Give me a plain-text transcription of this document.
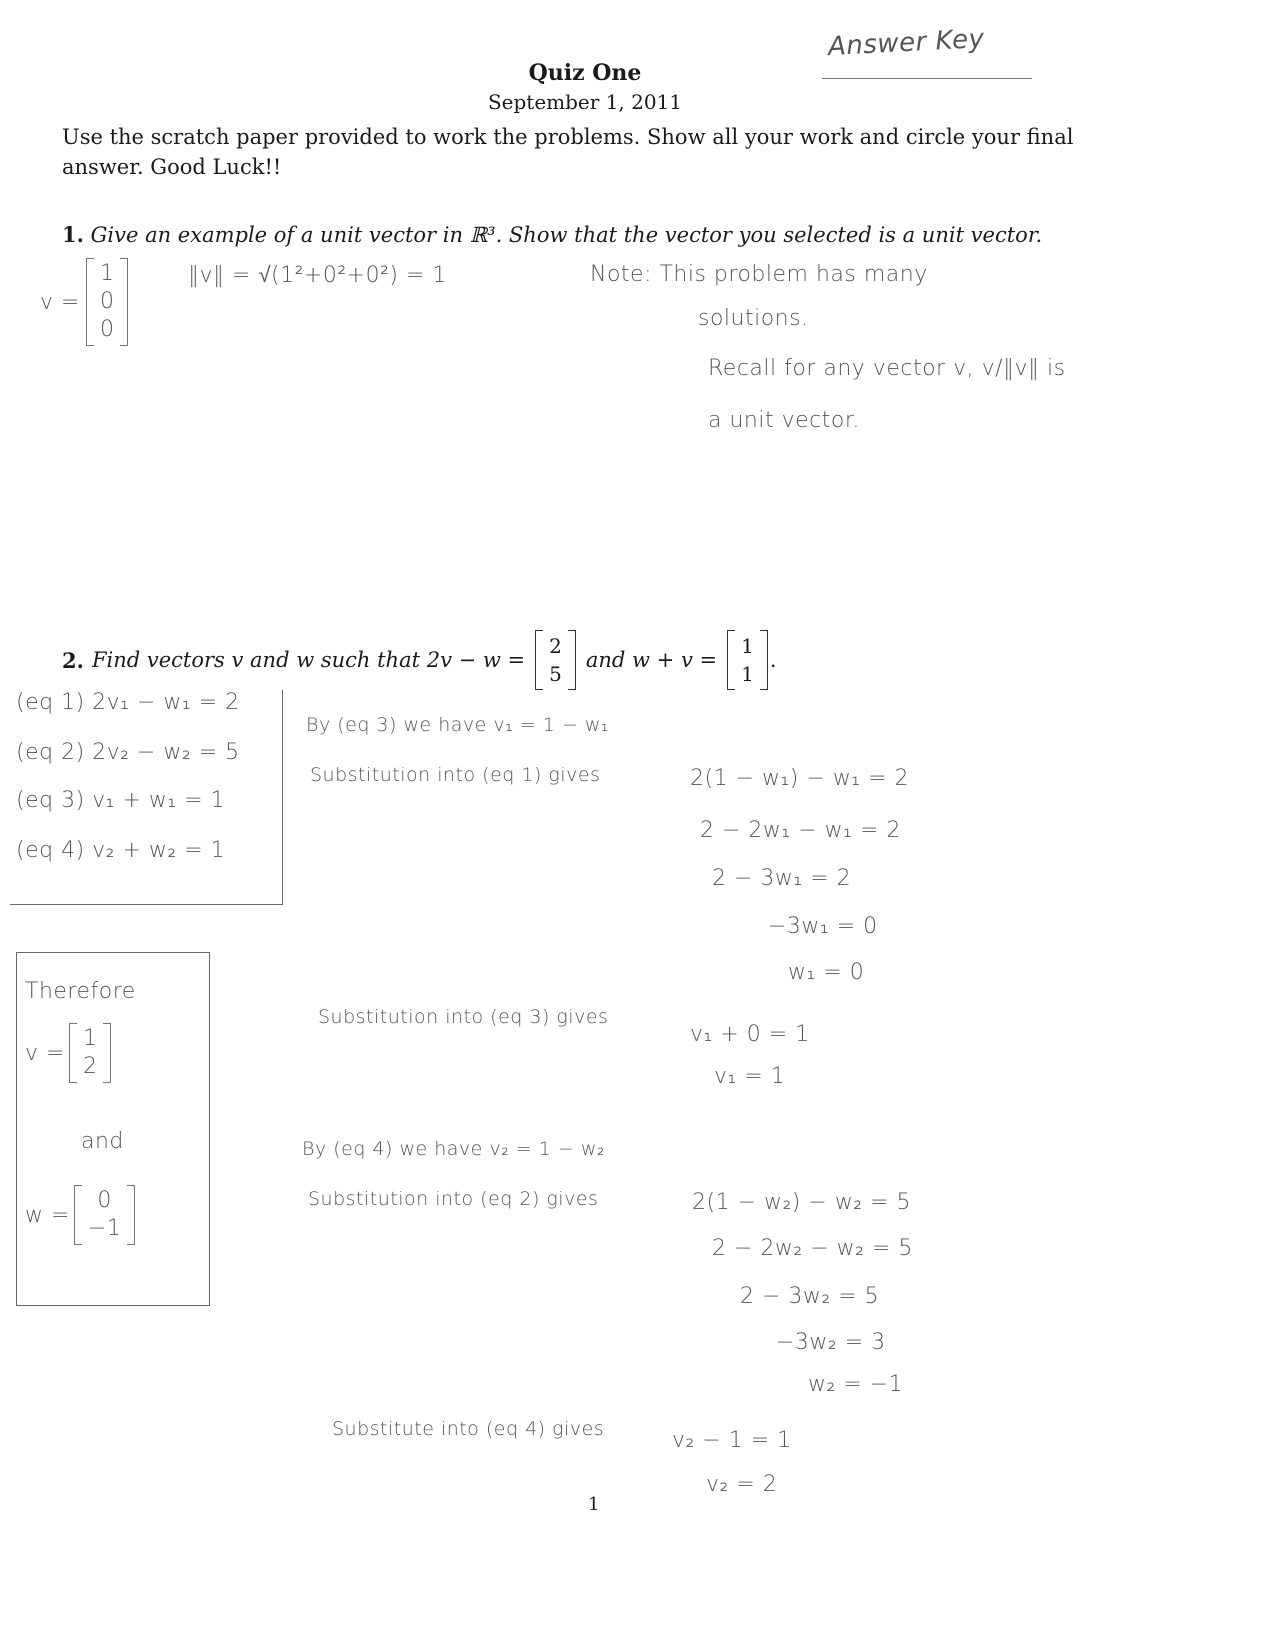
Answer Key
Quiz One
September 1, 2011
Use the scratch paper provided to work the problems. Show all your work and circle your final answer. Good Luck!!
1. Give an example of a unit vector in ℝ³. Show that the vector you selected is a unit vector.
v =
1
0
0
‖v‖ = √(1²+0²+0²) = 1	Note: This problem has many
solutions.
Recall for any vector v, v/‖v‖ is
a unit vector.
2. Find vectors v and w such that 2v − w =
2
5
and w + v =
1
1
.
(eq 1) 2v₁ − w₁ = 2
(eq 2) 2v₂ − w₂ = 5
(eq 3) v₁ + w₁ = 1
(eq 4) v₂ + w₂ = 1
By (eq 3) we have v₁ = 1 − w₁
Substitution into (eq 1) gives	2(1 − w₁) − w₁ = 2
2 − 2w₁ − w₁ = 2
2 − 3w₁ = 2
−3w₁ = 0
w₁ = 0
Therefore
v =
1
2
and
w =
0
−1
Substitution into (eq 3) gives
v₁ + 0 = 1
v₁ = 1
By (eq 4) we have v₂ = 1 − w₂
Substitution into (eq 2) gives	2(1 − w₂) − w₂ = 5
2 − 2w₂ − w₂ = 5
2 − 3w₂ = 5
−3w₂ = 3
w₂ = −1
Substitute into (eq 4) gives	v₂ − 1 = 1
v₂ = 2
1
